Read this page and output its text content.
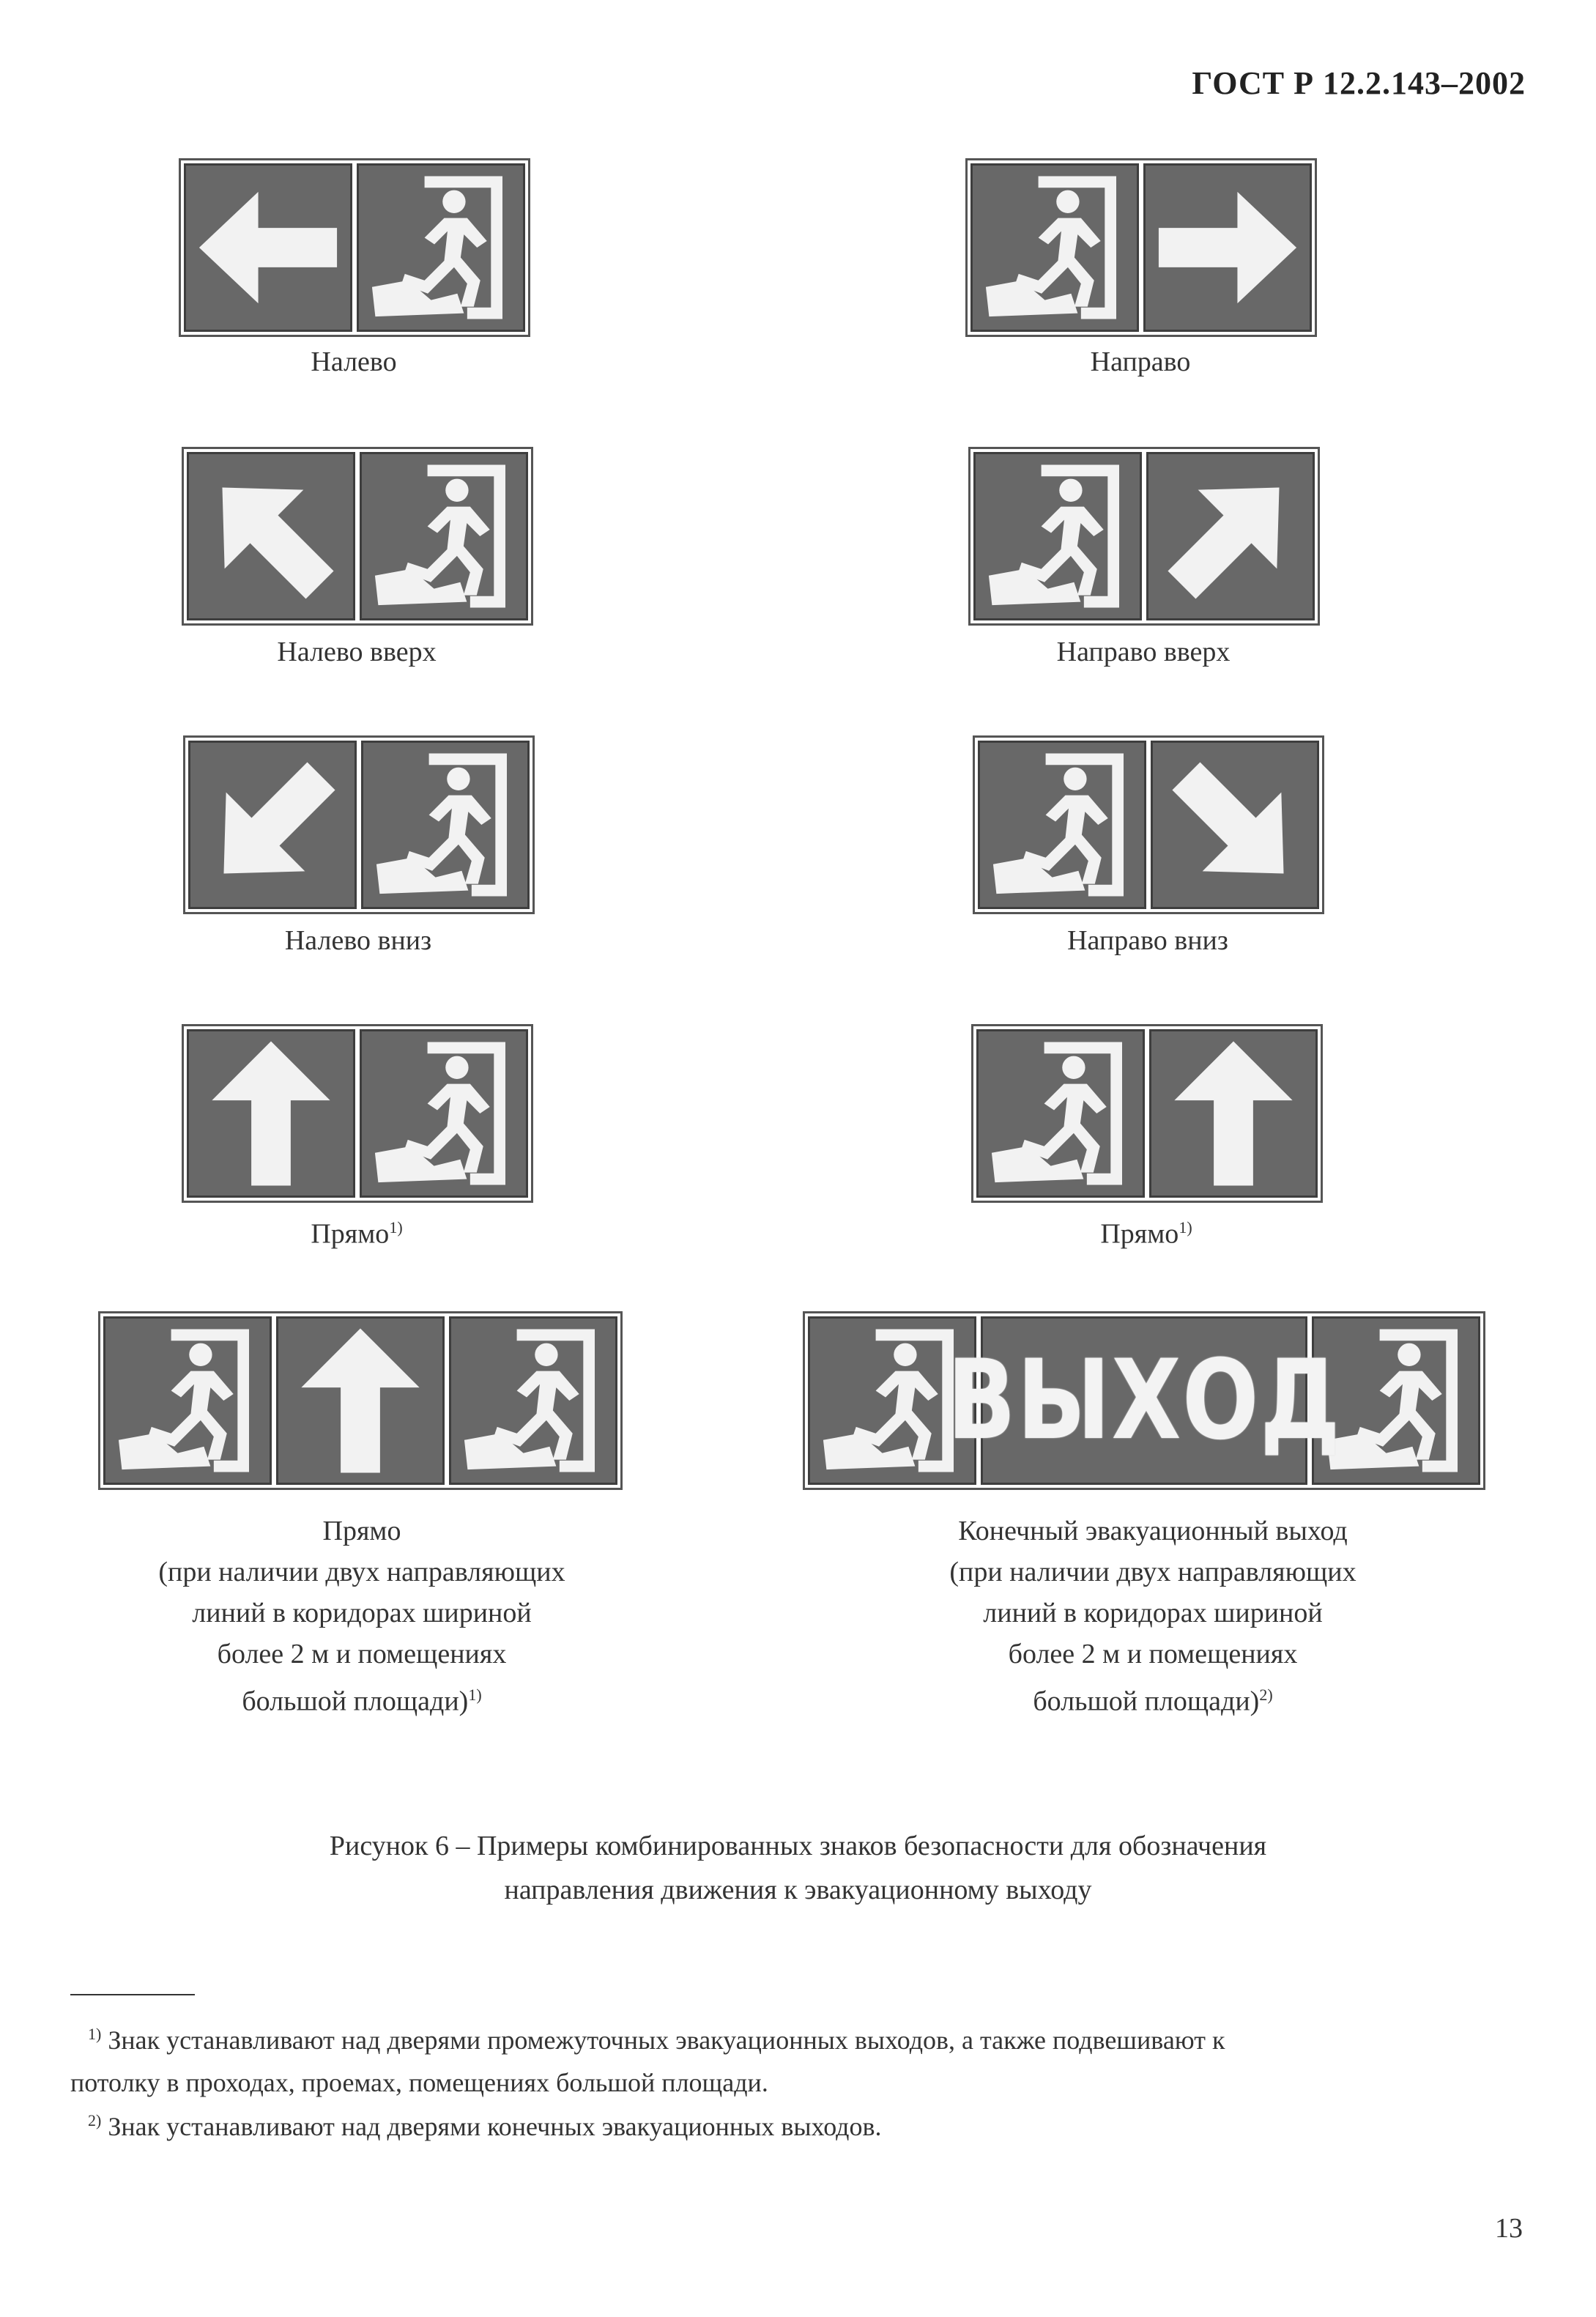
ГОСТ Р 12.2.143–2002
Налево	Направо
Налево вверх	Направо вверх
Налево вниз	Направо вниз
Прямо$^{1)}$	Прямо$^{1)}$
Прямо
(при наличии двух направляющих
линий в коридорах шириной
более 2 м и помещениях
большой площади)$^{1)}$
ВЫХОД
Конечный эвакуационный выход
(при наличии двух направляющих
линий в коридорах шириной
более 2 м и помещениях
большой площади)$^{2)}$
Рисунок 6 – Примеры комбинированных знаков безопасности для обозначения
направления движения к эвакуационному выходу
$^{1)}$ Знак устанавливают над дверями промежуточных эвакуационных выходов, а также подвешивают к
потолку в проходах, проемах, помещениях большой площади.
$^{2)}$ Знак устанавливают над дверями конечных эвакуационных выходов.
13
